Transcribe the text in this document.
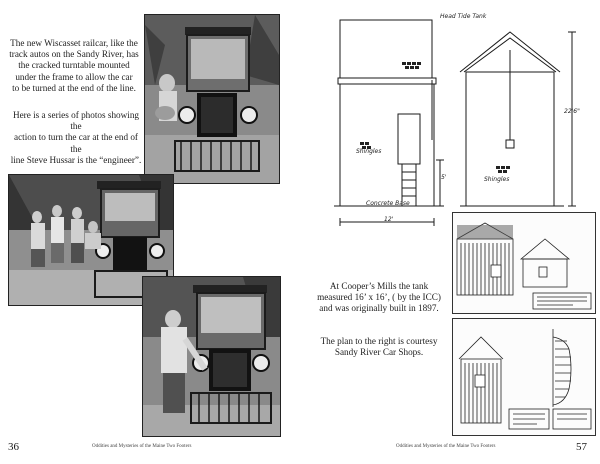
The new Wiscasset railcar, like the

track autos on the Sandy River, has

the cracked turntable mounted

under the frame to allow the car

to be turned at the end of the line.

Here is a series of photos showing the

action to turn the car at the end of the

line Steve Hussar is the “engineer”.

36	Oddities and Mysteries of the Maine Two Footers
Head Tide Tank
Shingles
Shingles
Concrete Base
12'
22'6"
5'

At Cooper’s Mills the tank

measured 16’ x 16’, ( by the ICC)

and was originally built in 1897.

The plan to the right is courtesy

Sandy River Car Shops.

Oddities and Mysteries of the Maine Two Footers	57
